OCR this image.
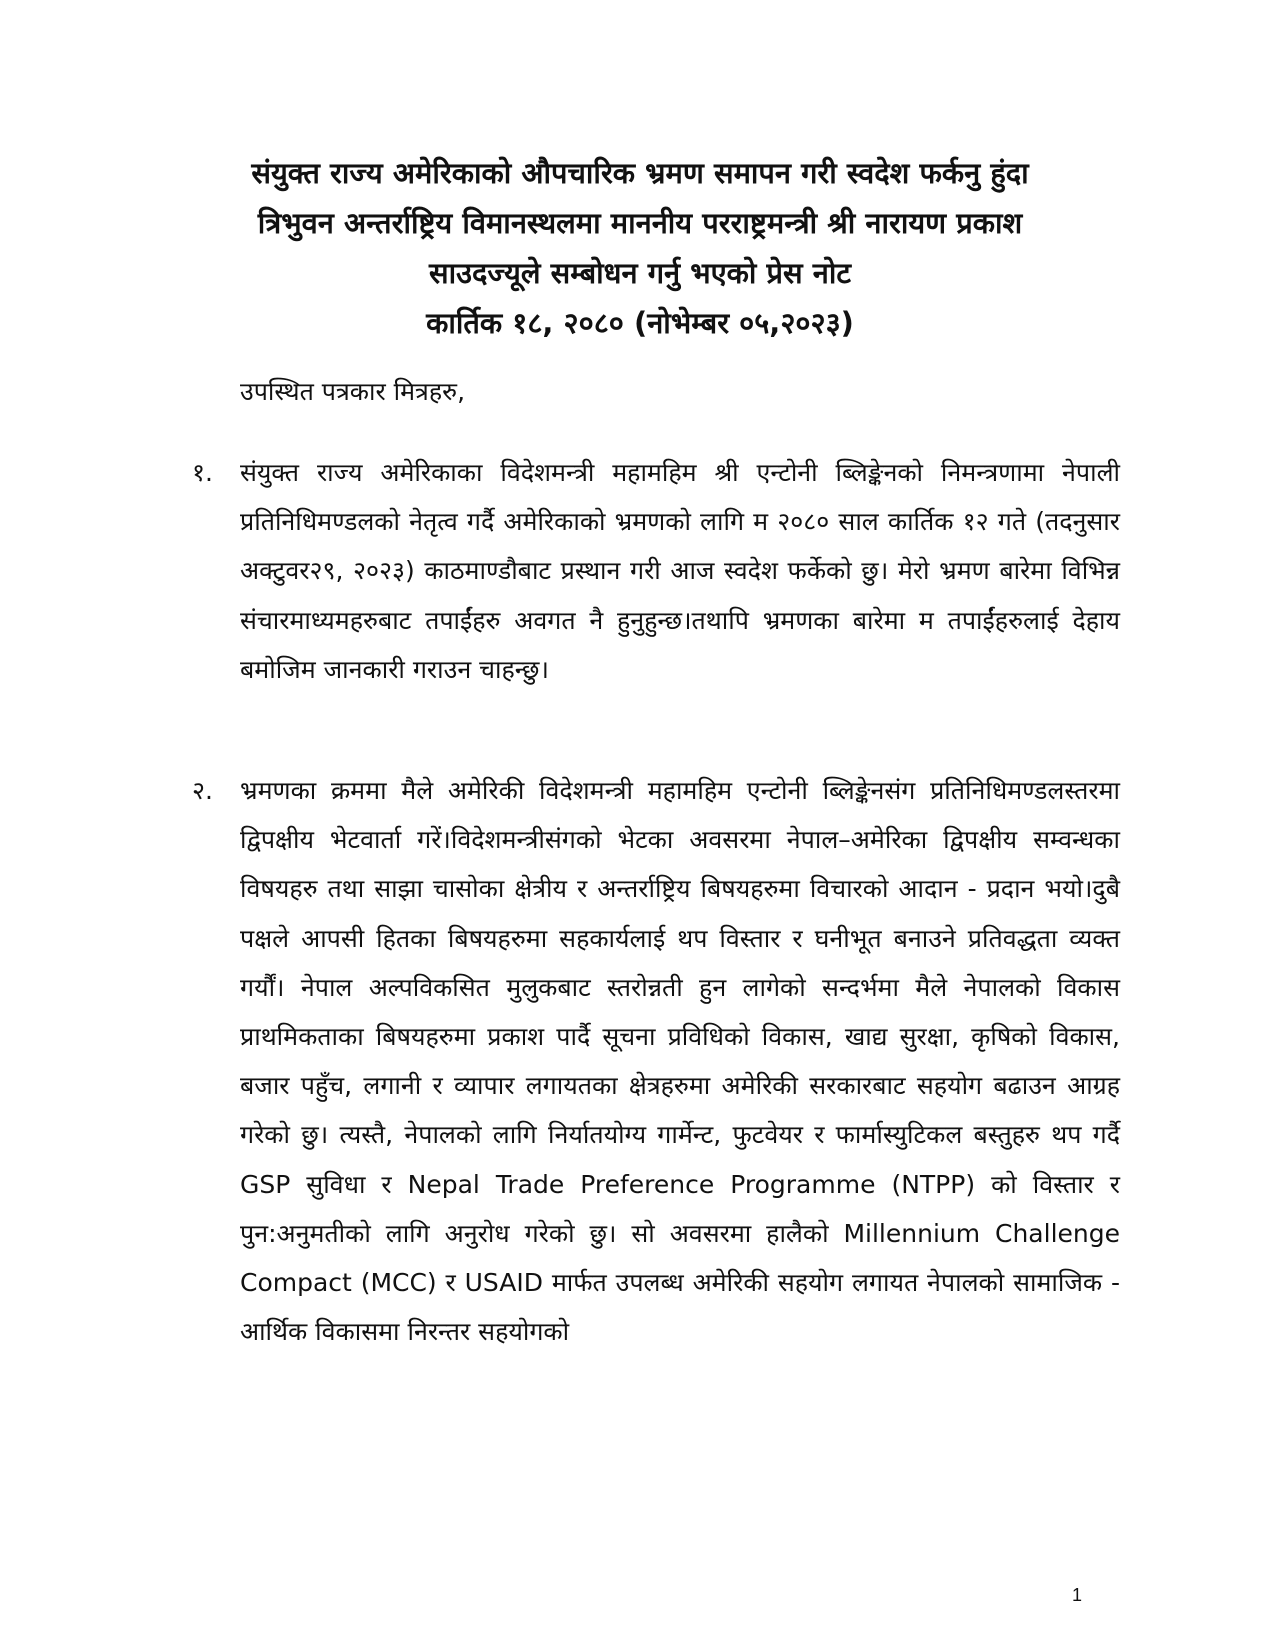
संयुक्त राज्य अमेरिकाको औपचारिक भ्रमण समापन गरी स्वदेश फर्कनु हुंदा
त्रिभुवन अन्तर्राष्ट्रिय विमानस्थलमा माननीय परराष्ट्रमन्त्री श्री नारायण प्रकाश
साउदज्यूले सम्बोधन गर्नु भएको प्रेस नोट
कार्तिक १८, २०८० (नोभेम्बर ०५,२०२३)
उपस्थित पत्रकार मित्रहरु,
१. संयुक्त राज्य अमेरिकाका विदेशमन्त्री महामहिम श्री एन्टोनी ब्लिङ्केनको निमन्त्रणामा नेपाली प्रतिनिधिमण्डलको नेतृत्व गर्दै अमेरिकाको भ्रमणको लागि म २०८० साल कार्तिक १२ गते (तदनुसार अक्टुवर२९, २०२३) काठमाण्डौबाट प्रस्थान गरी आज स्वदेश फर्केको छु। मेरो भ्रमण बारेमा विभिन्न संचारमाध्यमहरुबाट तपाईंहरु अवगत नै हुनुहुन्छ।तथापि भ्रमणका बारेमा म तपाईंहरुलाई देहाय बमोजिम जानकारी गराउन चाहन्छु।
२. भ्रमणका क्रममा मैले अमेरिकी विदेशमन्त्री महामहिम एन्टोनी ब्लिङ्केनसंग प्रतिनिधिमण्डलस्तरमा द्विपक्षीय भेटवार्ता गरें।विदेशमन्त्रीसंगको भेटका अवसरमा नेपाल–अमेरिका द्विपक्षीय सम्वन्धका विषयहरु तथा साझा चासोका क्षेत्रीय र अन्तर्राष्ट्रिय बिषयहरुमा विचारको आदान - प्रदान भयो।दुबै पक्षले आपसी हितका बिषयहरुमा सहकार्यलाई थप विस्तार र घनीभूत बनाउने प्रतिवद्धता व्यक्त गर्यौं। नेपाल अल्पविकसित मुलुकबाट स्तरोन्नती हुन लागेको सन्दर्भमा मैले नेपालको विकास प्राथमिकताका बिषयहरुमा प्रकाश पार्दै सूचना प्रविधिको विकास, खाद्य सुरक्षा, कृषिको विकास, बजार पहुँच, लगानी र व्यापार लगायतका क्षेत्रहरुमा अमेरिकी सरकारबाट सहयोग बढाउन आग्रह गरेको छु। त्यस्तै, नेपालको लागि निर्यातयोग्य गार्मेन्ट, फुटवेयर र फार्मास्युटिकल बस्तुहरु थप गर्दै GSP सुविधा र Nepal Trade Preference Programme (NTPP) को विस्तार र पुन:अनुमतीको लागि अनुरोध गरेको छु। सो अवसरमा हालैको Millennium Challenge Compact (MCC) र USAID मार्फत उपलब्ध अमेरिकी सहयोग लगायत नेपालको सामाजिक - आर्थिक विकासमा निरन्तर सहयोगको
1
